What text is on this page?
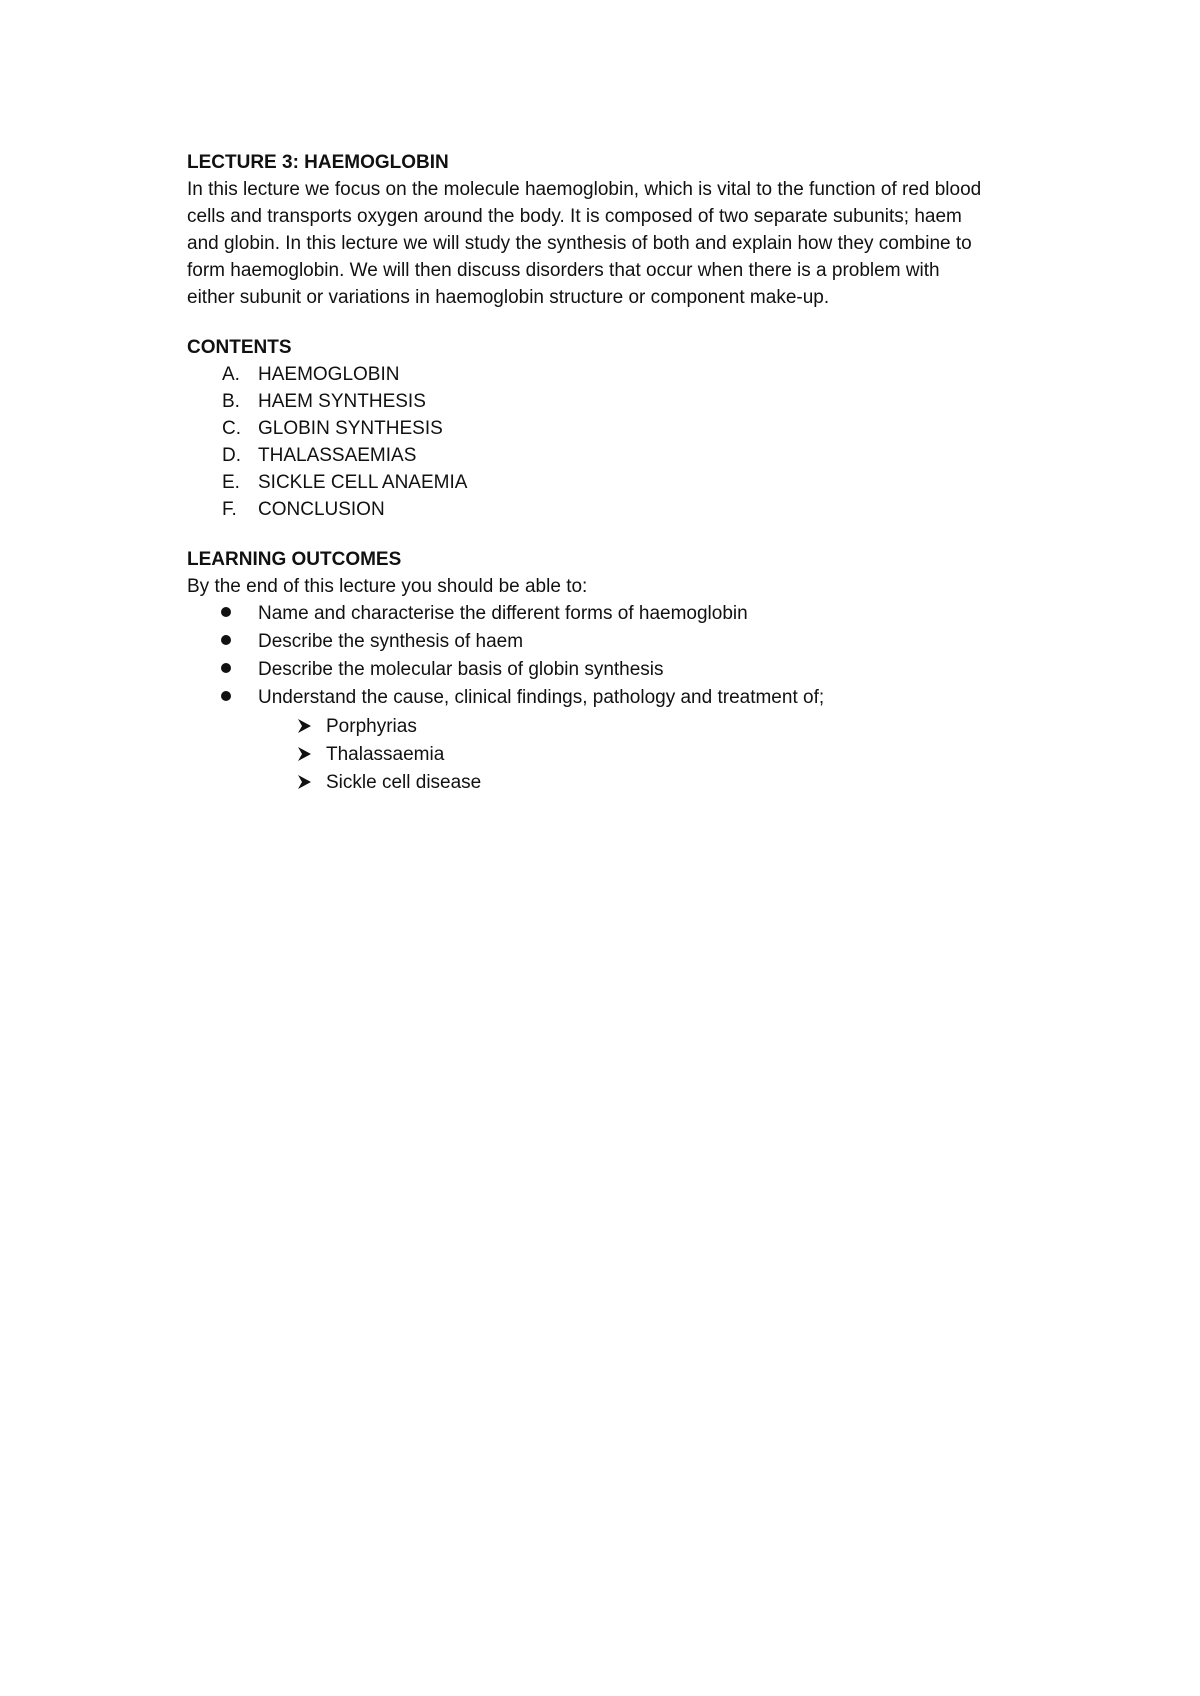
LECTURE 3: HAEMOGLOBIN

In this lecture we focus on the molecule haemoglobin, which is vital to the function of red blood

cells and transports oxygen around the body. It is composed of two separate subunits; haem

and globin. In this lecture we will study the synthesis of both and explain how they combine to

form haemoglobin. We will then discuss disorders that occur when there is a problem with

either subunit or variations in haemoglobin structure or component make-up.

CONTENTS

A. HAEMOGLOBIN
B. HAEM SYNTHESIS
C. GLOBIN SYNTHESIS
D. THALASSAEMIAS
E. SICKLE CELL ANAEMIA
F.	CONCLUSION

LEARNING OUTCOMES

By the end of this lecture you should be able to:

Name and characterise the different forms of haemoglobin
Describe the synthesis of haem
Describe the molecular basis of globin synthesis
Understand the cause, clinical findings, pathology and treatment of;
Porphyrias
Thalassaemia
Sickle cell disease
